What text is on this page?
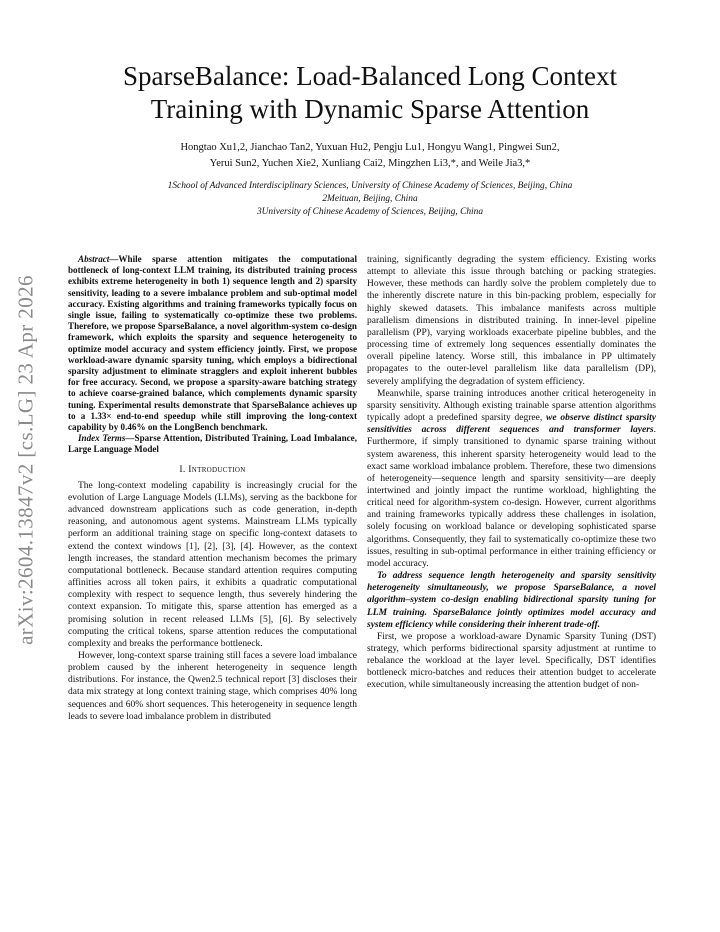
arXiv:2604.13847v2 [cs.LG] 23 Apr 2026
SparseBalance: Load-Balanced Long Context
Training with Dynamic Sparse Attention
Hongtao Xu1,2, Jianchao Tan2, Yuxuan Hu2, Pengju Lu1, Hongyu Wang1, Pingwei Sun2,
Yerui Sun2, Yuchen Xie2, Xunliang Cai2, Mingzhen Li3,*, and Weile Jia3,*
1School of Advanced Interdisciplinary Sciences, University of Chinese Academy of Sciences, Beijing, China
2Meituan, Beijing, China
3University of Chinese Academy of Sciences, Beijing, China

Abstract—While sparse attention mitigates the computational bottleneck of long-context LLM training, its distributed training process exhibits extreme heterogeneity in both 1) sequence length and 2) sparsity sensitivity, leading to a severe imbalance problem and sub-optimal model accuracy. Existing algorithms and training frameworks typically focus on single issue, failing to systematically co-optimize these two problems. Therefore, we propose SparseBalance, a novel algorithm-system co-design framework, which exploits the sparsity and sequence heterogeneity to optimize model accuracy and system efficiency jointly. First, we propose workload-aware dynamic sparsity tuning, which employs a bidirectional sparsity adjustment to eliminate stragglers and exploit inherent bubbles for free accuracy. Second, we propose a sparsity-aware batching strategy to achieve coarse-grained balance, which complements dynamic sparsity tuning. Experimental results demonstrate that SparseBalance achieves up to a 1.33× end-to-end speedup while still improving the long-context capability by 0.46% on the LongBench benchmark.

Index Terms—Sparse Attention, Distributed Training, Load Imbalance, Large Language Model

I. Introduction

The long-context modeling capability is increasingly crucial for the evolution of Large Language Models (LLMs), serving as the backbone for advanced downstream applications such as code generation, in-depth reasoning, and autonomous agent systems. Mainstream LLMs typically perform an additional training stage on specific long-context datasets to extend the context windows [1], [2], [3], [4]. However, as the context length increases, the standard attention mechanism becomes the primary computational bottleneck. Because standard attention requires computing affinities across all token pairs, it exhibits a quadratic computational complexity with respect to sequence length, thus severely hindering the context expansion. To mitigate this, sparse attention has emerged as a promising solution in recent released LLMs [5], [6]. By selectively computing the critical tokens, sparse attention reduces the computational complexity and breaks the performance bottleneck.

However, long-context sparse training still faces a severe load imbalance problem caused by the inherent heterogeneity in sequence length distributions. For instance, the Qwen2.5 technical report [3] discloses their data mix strategy at long context training stage, which comprises 40% long sequences and 60% short sequences. This heterogeneity in sequence length leads to severe load imbalance problem in distributed

training, significantly degrading the system efficiency. Existing works attempt to alleviate this issue through batching or packing strategies. However, these methods can hardly solve the problem completely due to the inherently discrete nature in this bin-packing problem, especially for highly skewed datasets. This imbalance manifests across multiple parallelism dimensions in distributed training. In inner-level pipeline parallelism (PP), varying workloads exacerbate pipeline bubbles, and the processing time of extremely long sequences essentially dominates the overall pipeline latency. Worse still, this imbalance in PP ultimately propagates to the outer-level parallelism like data parallelism (DP), severely amplifying the degradation of system efficiency.

Meanwhile, sparse training introduces another critical heterogeneity in sparsity sensitivity. Although existing trainable sparse attention algorithms typically adopt a predefined sparsity degree, we observe distinct sparsity sensitivities across different sequences and transformer layers. Furthermore, if simply transitioned to dynamic sparse training without system awareness, this inherent sparsity heterogeneity would lead to the exact same workload imbalance problem. Therefore, these two dimensions of heterogeneity—sequence length and sparsity sensitivity—are deeply intertwined and jointly impact the runtime workload, highlighting the critical need for algorithm-system co-design. However, current algorithms and training frameworks typically address these challenges in isolation, solely focusing on workload balance or developing sophisticated sparse algorithms. Consequently, they fail to systematically co-optimize these two issues, resulting in sub-optimal performance in either training efficiency or model accuracy.

To address sequence length heterogeneity and sparsity sensitivity heterogeneity simultaneously, we propose SparseBalance, a novel algorithm–system co-design enabling bidirectional sparsity tuning for LLM training. SparseBalance jointly optimizes model accuracy and system efficiency while considering their inherent trade-off.

First, we propose a workload-aware Dynamic Sparsity Tuning (DST) strategy, which performs bidirectional sparsity adjustment at runtime to rebalance the workload at the layer level. Specifically, DST identifies bottleneck micro-batches and reduces their attention budget to accelerate execution, while simultaneously increasing the attention budget of non-
